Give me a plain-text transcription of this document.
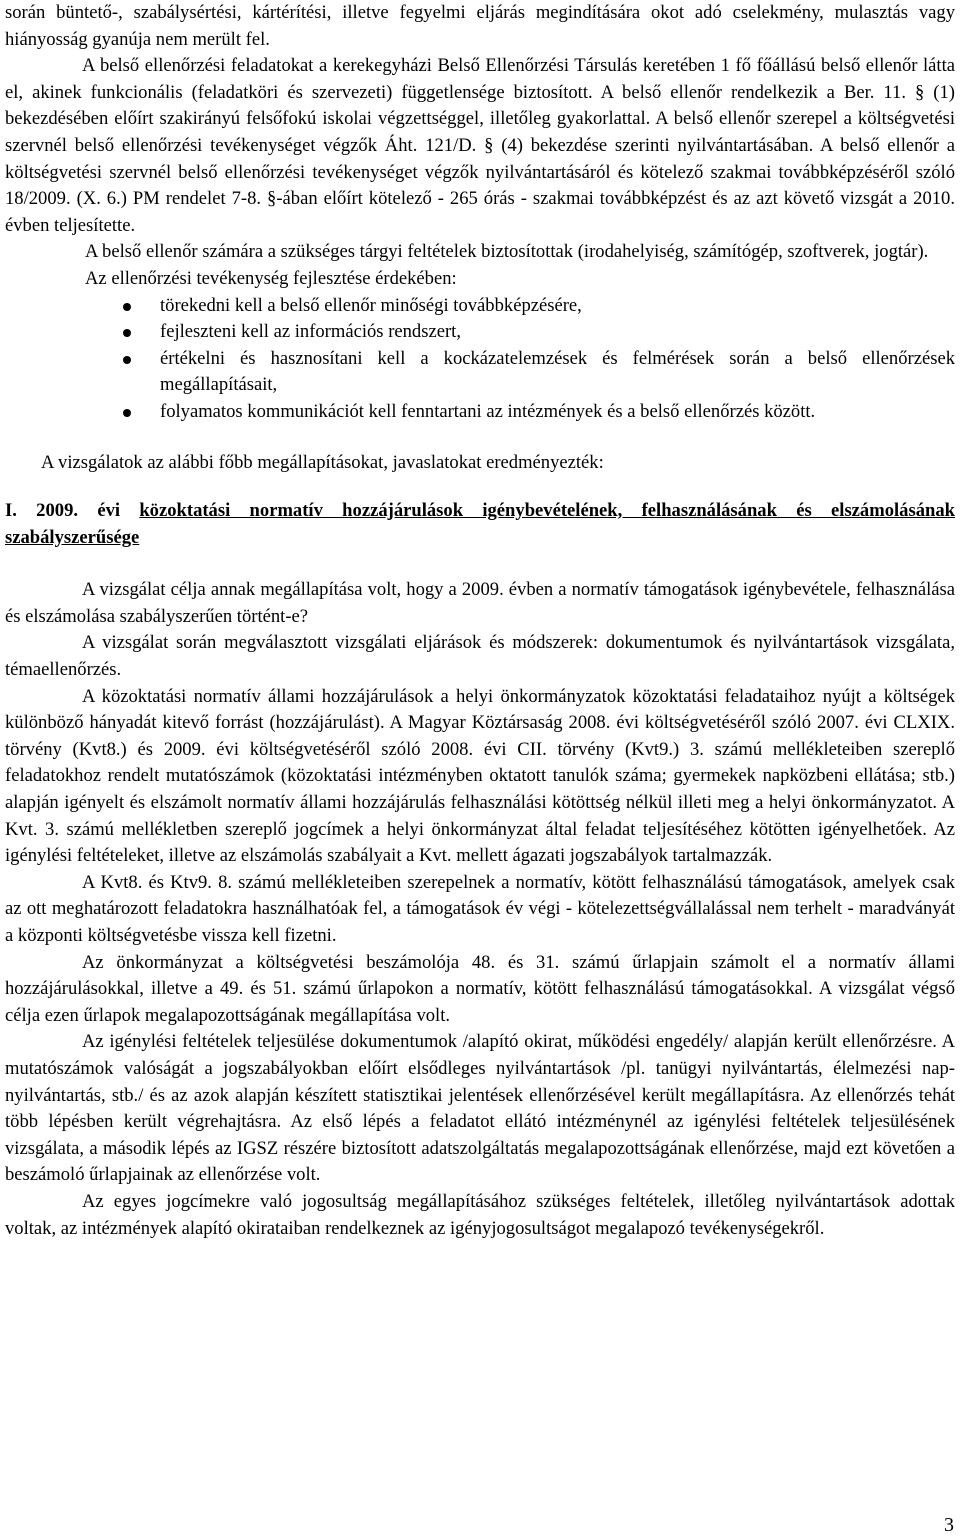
során büntető-, szabálysértési, kártérítési, illetve fegyelmi eljárás megindítására okot adó cselekmény, mulasztás vagy hiányosság gyanúja nem merült fel.

A belső ellenőrzési feladatokat a kerekegyházi Belső Ellenőrzési Társulás keretében 1 fő főállású belső ellenőr látta el, akinek funkcionális (feladatköri és szervezeti) függetlensége biztosított. A belső ellenőr rendelkezik a Ber. 11. § (1) bekezdésében előírt szakirányú felsőfokú iskolai végzettséggel, illetőleg gyakorlattal. A belső ellenőr szerepel a költségvetési szervnél belső ellenőrzési tevékenységet végzők Áht. 121/D. § (4) bekezdése szerinti nyilvántartásában. A belső ellenőr a költségvetési szervnél belső ellenőrzési tevékenységet végzők nyilvántartásáról és kötelező szakmai továbbképzéséről szóló 18/2009. (X. 6.) PM rendelet 7-8. §-ában előírt kötelező - 265 órás - szakmai továbbképzést és az azt követő vizsgát a 2010. évben teljesítette.

A belső ellenőr számára a szükséges tárgyi feltételek biztosítottak (irodahelyiség, számítógép, szoftverek, jogtár).

Az ellenőrzési tevékenység fejlesztése érdekében:

törekedni kell a belső ellenőr minőségi továbbképzésére,
fejleszteni kell az információs rendszert,
értékelni és hasznosítani kell a kockázatelemzések és felmérések során a belső ellenőrzések megállapításait,
folyamatos kommunikációt kell fenntartani az intézmények és a belső ellenőrzés között.

A vizsgálatok az alábbi főbb megállapításokat, javaslatokat eredményezték:

I. 2009. évi közoktatási normatív hozzájárulások igénybevételének, felhasználásának és elszámolásának szabályszerűsége

A vizsgálat célja annak megállapítása volt, hogy a 2009. évben a normatív támogatások igénybevétele, felhasználása és elszámolása szabályszerűen történt-e?

A vizsgálat során megválasztott vizsgálati eljárások és módszerek: dokumentumok és nyilvántartások vizsgálata, témaellenőrzés.

A közoktatási normatív állami hozzájárulások a helyi önkormányzatok közoktatási feladataihoz nyújt a költségek különböző hányadát kitevő forrást (hozzájárulást). A Magyar Köztársaság 2008. évi költségvetéséről szóló 2007. évi CLXIX. törvény (Kvt8.) és 2009. évi költségvetéséről szóló 2008. évi CII. törvény (Kvt9.) 3. számú mellékleteiben szereplő feladatokhoz rendelt mutatószámok (közoktatási intézményben oktatott tanulók száma; gyermekek napközbeni ellátása; stb.) alapján igényelt és elszámolt normatív állami hozzájárulás felhasználási kötöttség nélkül illeti meg a helyi önkormányzatot. A Kvt. 3. számú mellékletben szereplő jogcímek a helyi önkormányzat által feladat teljesítéséhez kötötten igényelhetőek. Az igénylési feltételeket, illetve az elszámolás szabályait a Kvt. mellett ágazati jogszabályok tartalmazzák.

A Kvt8. és Ktv9. 8. számú mellékleteiben szerepelnek a normatív, kötött felhasználású támogatások, amelyek csak az ott meghatározott feladatokra használhatóak fel, a támogatások év végi - kötelezettségvállalással nem terhelt - maradványát a központi költségvetésbe vissza kell fizetni.

Az önkormányzat a költségvetési beszámolója 48. és 31. számú űrlapjain számolt el a normatív állami hozzájárulásokkal, illetve a 49. és 51. számú űrlapokon a normatív, kötött felhasználású támogatásokkal. A vizsgálat végső célja ezen űrlapok megalapozottságának megállapítása volt.

Az igénylési feltételek teljesülése dokumentumok /alapító okirat, működési engedély/ alapján került ellenőrzésre. A mutatószámok valóságát a jogszabályokban előírt elsődleges nyilvántartások /pl. tanügyi nyilvántartás, élelmezési nap-nyilvántartás, stb./ és az azok alapján készített statisztikai jelentések ellenőrzésével került megállapításra. Az ellenőrzés tehát több lépésben került végrehajtásra. Az első lépés a feladatot ellátó intézménynél az igénylési feltételek teljesülésének vizsgálata, a második lépés az IGSZ részére biztosított adatszolgáltatás megalapozottságának ellenőrzése, majd ezt követően a beszámoló űrlapjainak az ellenőrzése volt.

Az egyes jogcímekre való jogosultság megállapításához szükséges feltételek, illetőleg nyilvántartások adottak voltak, az intézmények alapító okirataiban rendelkeznek az igényjogosultságot megalapozó tevékenységekről.

3
